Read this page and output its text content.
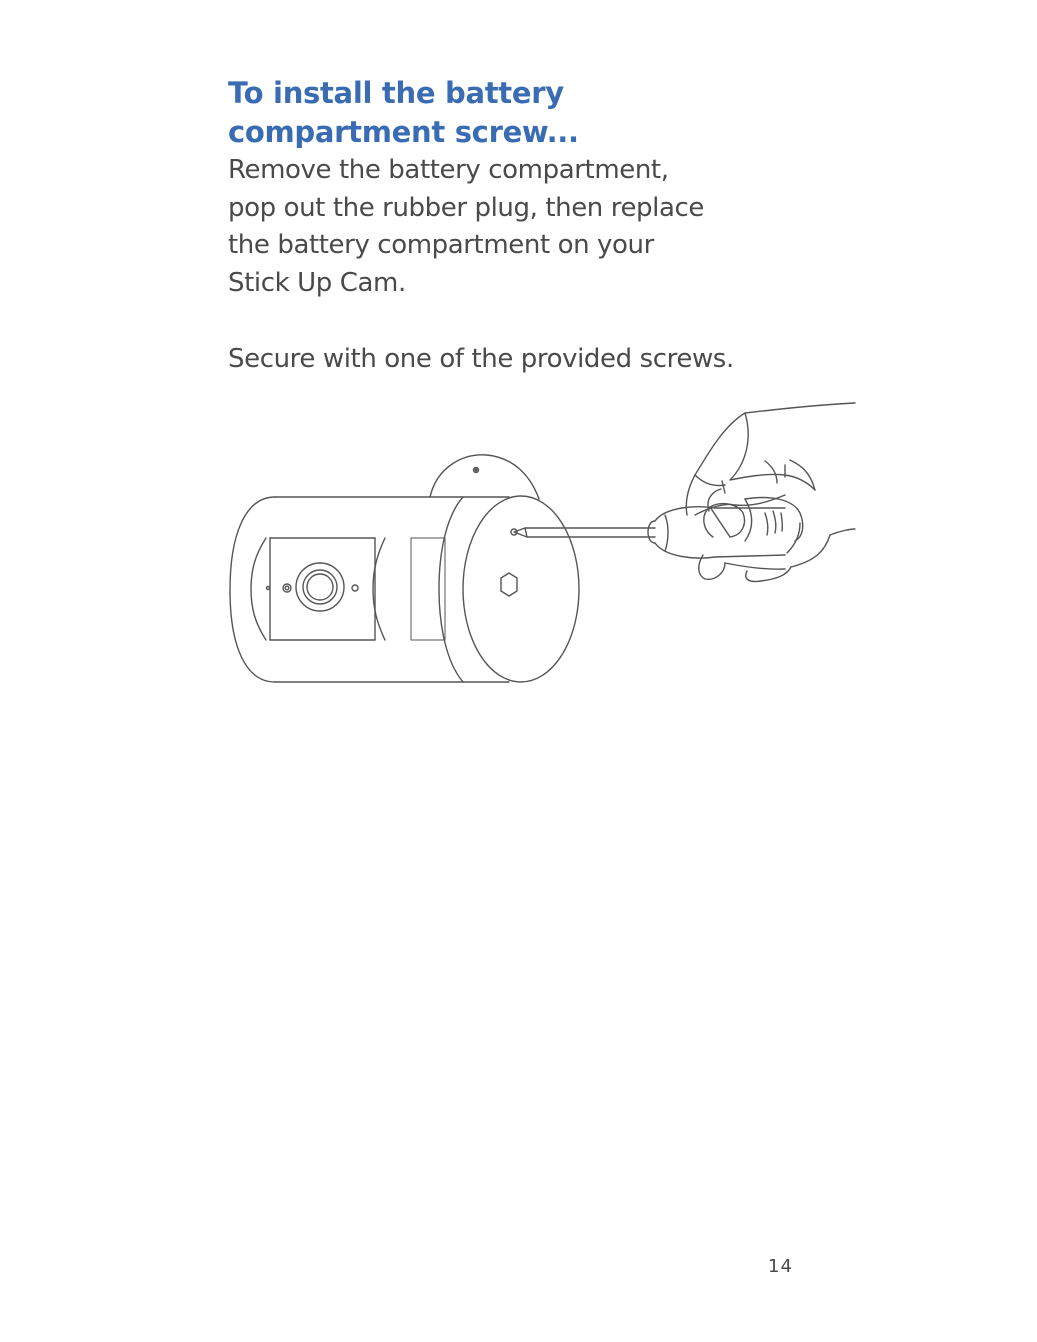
To install the battery
compartment screw...

Remove the battery compartment,
pop out the rubber plug, then replace
the battery compartment on your
Stick Up Cam.

Secure with one of the provided screws.

14
